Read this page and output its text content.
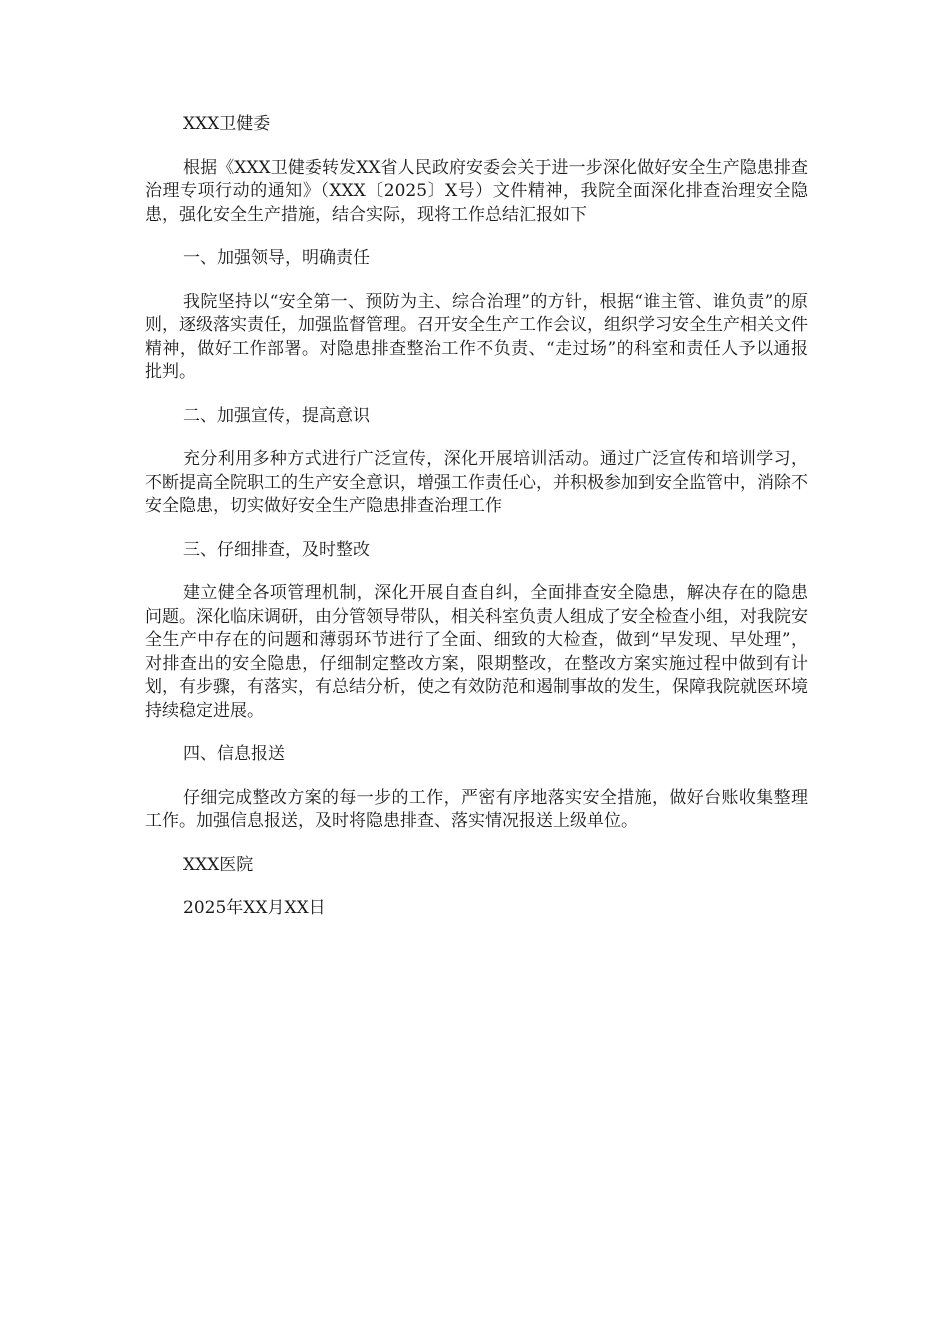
XXX卫健委

根据《XXX卫健委转发XX省人民政府安委会关于进一步深化做好安全生产隐患排查治理专项行动的通知》（XXX〔2025〕X号）文件精神，我院全面深化排查治理安全隐患，强化安全生产措施，结合实际，现将工作总结汇报如下

一、加强领导，明确责任

我院坚持以“安全第一、预防为主、综合治理”的方针，根据“谁主管、谁负责”的原则，逐级落实责任，加强监督管理。召开安全生产工作会议，组织学习安全生产相关文件精神，做好工作部署。对隐患排查整治工作不负责、“走过场”的科室和责任人予以通报批判。

二、加强宣传，提高意识

充分利用多种方式进行广泛宣传，深化开展培训活动。通过广泛宣传和培训学习，不断提高全院职工的生产安全意识，增强工作责任心，并积极参加到安全监管中，消除不安全隐患，切实做好安全生产隐患排查治理工作

三、仔细排查，及时整改

建立健全各项管理机制，深化开展自查自纠，全面排查安全隐患，解决存在的隐患问题。深化临床调研，由分管领导带队，相关科室负责人组成了安全检查小组，对我院安全生产中存在的问题和薄弱环节进行了全面、细致的大检查，做到“早发现、早处理”，对排查出的安全隐患，仔细制定整改方案，限期整改，在整改方案实施过程中做到有计划，有步骤，有落实，有总结分析，使之有效防范和遏制事故的发生，保障我院就医环境持续稳定进展。

四、信息报送

仔细完成整改方案的每一步的工作，严密有序地落实安全措施，做好台账收集整理工作。加强信息报送，及时将隐患排查、落实情况报送上级单位。

XXX医院

2025年XX月XX日
